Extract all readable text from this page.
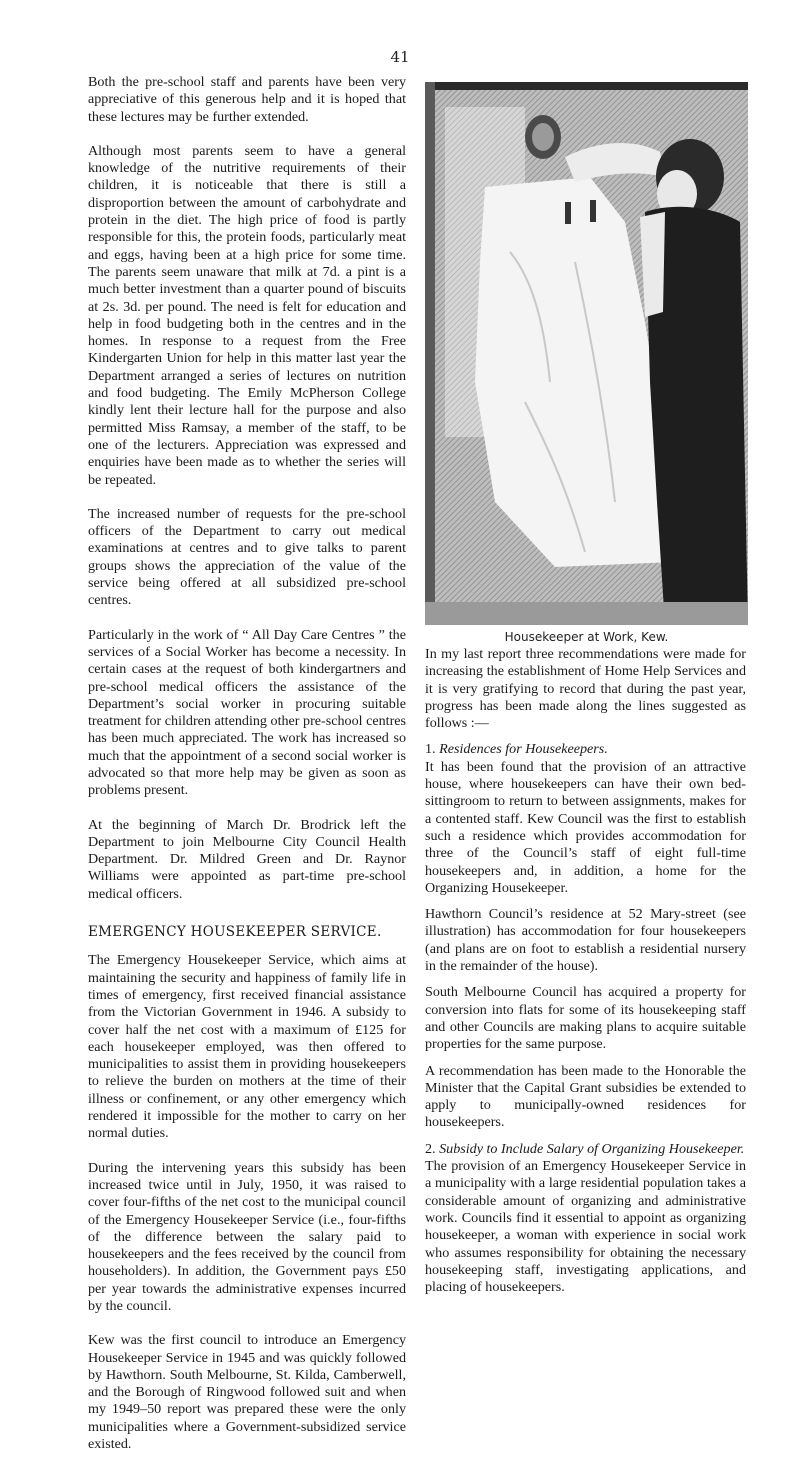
41

Both the pre-school staff and parents have been very appreciative of this generous help and it is hoped that these lectures may be further extended.

Although most parents seem to have a general knowledge of the nutritive requirements of their children, it is noticeable that there is still a disproportion between the amount of carbohydrate and protein in the diet. The high price of food is partly responsible for this, the protein foods, particularly meat and eggs, having been at a high price for some time. The parents seem unaware that milk at 7d. a pint is a much better investment than a quarter pound of biscuits at 2s. 3d. per pound. The need is felt for education and help in food budgeting both in the centres and in the homes. In response to a request from the Free Kindergarten Union for help in this matter last year the Department arranged a series of lectures on nutrition and food budgeting. The Emily McPherson College kindly lent their lecture hall for the purpose and also permitted Miss Ramsay, a member of the staff, to be one of the lecturers. Appreciation was expressed and enquiries have been made as to whether the series will be repeated.

The increased number of requests for the pre-school officers of the Department to carry out medical examinations at centres and to give talks to parent groups shows the appreciation of the value of the service being offered at all subsidized pre-school centres.

Particularly in the work of “ All Day Care Centres ” the services of a Social Worker has become a necessity. In certain cases at the request of both kindergartners and pre-school medical officers the assistance of the Department’s social worker in procuring suitable treatment for children attending other pre-school centres has been much appreciated. The work has increased so much that the appointment of a second social worker is advocated so that more help may be given as soon as problems present.

At the beginning of March Dr. Brodrick left the Department to join Melbourne City Council Health Department. Dr. Mildred Green and Dr. Raynor Williams were appointed as part-time pre-school medical officers.

EMERGENCY HOUSEKEEPER SERVICE.

The Emergency Housekeeper Service, which aims at maintaining the security and happiness of family life in times of emergency, first received financial assistance from the Victorian Government in 1946. A subsidy to cover half the net cost with a maximum of £125 for each housekeeper employed, was then offered to municipalities to assist them in providing housekeepers to relieve the burden on mothers at the time of their illness or confinement, or any other emergency which rendered it impossible for the mother to carry on her normal duties.

During the intervening years this subsidy has been increased twice until in July, 1950, it was raised to cover four-fifths of the net cost to the municipal council of the Emergency Housekeeper Service (i.e., four-fifths of the difference between the salary paid to housekeepers and the fees received by the council from householders). In addition, the Government pays £50 per year towards the administrative expenses incurred by the council.

Kew was the first council to introduce an Emergency Housekeeper Service in 1945 and was quickly followed by Hawthorn. South Melbourne, St. Kilda, Camberwell, and the Borough of Ringwood followed suit and when my 1949–50 report was prepared these were the only municipalities where a Government-subsidized service existed.

Housekeeper at Work, Kew.

In my last report three recommendations were made for increasing the establishment of Home Help Services and it is very gratifying to record that during the past year, progress has been made along the lines suggested as follows :—

1. Residences for Housekeepers.

It has been found that the provision of an attractive house, where housekeepers can have their own bed-sittingroom to return to between assignments, makes for a contented staff. Kew Council was the first to establish such a residence which provides accommodation for three of the Council’s staff of eight full-time housekeepers and, in addition, a home for the Organizing Housekeeper.

Hawthorn Council’s residence at 52 Mary-street (see illustration) has accommodation for four housekeepers (and plans are on foot to establish a residential nursery in the remainder of the house).

South Melbourne Council has acquired a property for conversion into flats for some of its housekeeping staff and other Councils are making plans to acquire suitable properties for the same purpose.

A recommendation has been made to the Honorable the Minister that the Capital Grant subsidies be extended to apply to municipally-owned residences for housekeepers.

2. Subsidy to Include Salary of Organizing Housekeeper.

The provision of an Emergency Housekeeper Service in a municipality with a large residential population takes a considerable amount of organizing and administrative work. Councils find it essential to appoint as organizing housekeeper, a woman with experience in social work who assumes responsibility for obtaining the necessary housekeeping staff, investigating applications, and placing of housekeepers.
